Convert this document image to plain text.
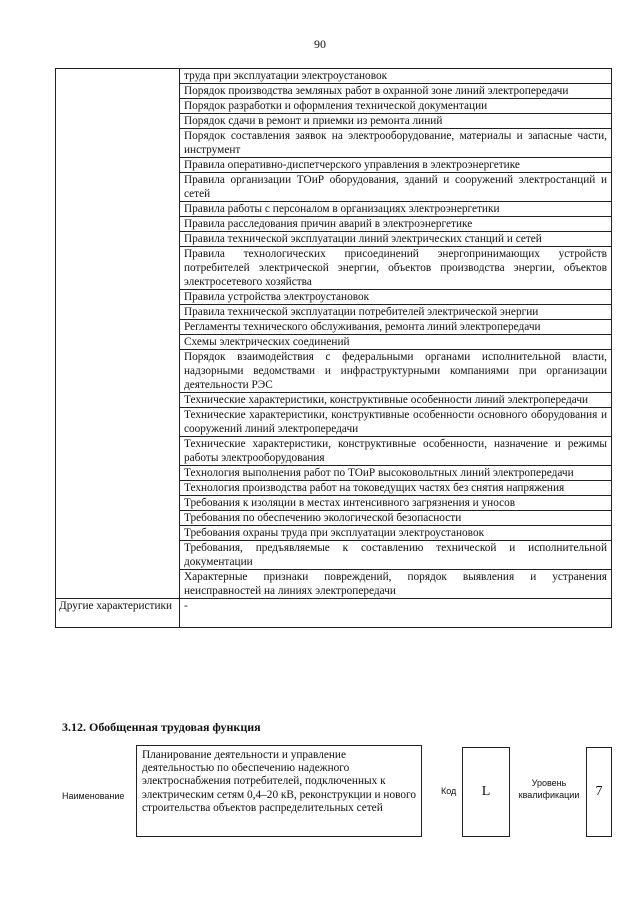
90
	труда при эксплуатации электроустановок
	Порядок производства земляных работ в охранной зоне линий электропередачи
	Порядок разработки и оформления технической документации
	Порядок сдачи в ремонт и приемки из ремонта линий
	Порядок составления заявок на электрооборудование, материалы и запасные части, инструмент
	Правила оперативно-диспетчерского управления в электроэнергетике
	Правила организации ТОиР оборудования, зданий и сооружений электростанций и сетей
	Правила работы с персоналом в организациях электроэнергетики
	Правила расследования причин аварий в электроэнергетике
	Правила технической эксплуатации линий электрических станций и сетей
	Правила технологических присоединений энергопринимающих устройств потребителей электрической энергии, объектов производства энергии, объектов электросетевого хозяйства
	Правила устройства электроустановок
	Правила технической эксплуатации потребителей электрической энергии
	Регламенты технического обслуживания, ремонта линий электропередачи
	Схемы электрических соединений
	Порядок взаимодействия с федеральными органами исполнительной власти, надзорными ведомствами и инфраструктурными компаниями при организации деятельности РЭС
	Технические характеристики, конструктивные особенности линий электропередачи
	Технические характеристики, конструктивные особенности основного оборудования и сооружений линий электропередачи
	Технические характеристики, конструктивные особенности, назначение и режимы работы электрооборудования
	Технология выполнения работ по ТОиР высоковольтных линий электропередачи
	Технология производства работ на токоведущих частях без снятия напряжения
	Требования к изоляции в местах интенсивного загрязнения и уносов
	Требования по обеспечению экологической безопасности
	Требования охраны труда при эксплуатации электроустановок
	Требования, предъявляемые к составлению технической и исполнительной документации
	Характерные признаки повреждений, порядок выявления и устранения неисправностей на линиях электропередачи
Другие характеристики	-
3.12. Обобщенная трудовая функция
Наименование
Планирование деятельности и управление деятельностью по обеспечению надежного электроснабжения потребителей, подключенных к электрическим сетям 0,4–20 кВ, реконструкции и нового строительства объектов распределительных сетей
Код	L
Уровень квалификации	7
